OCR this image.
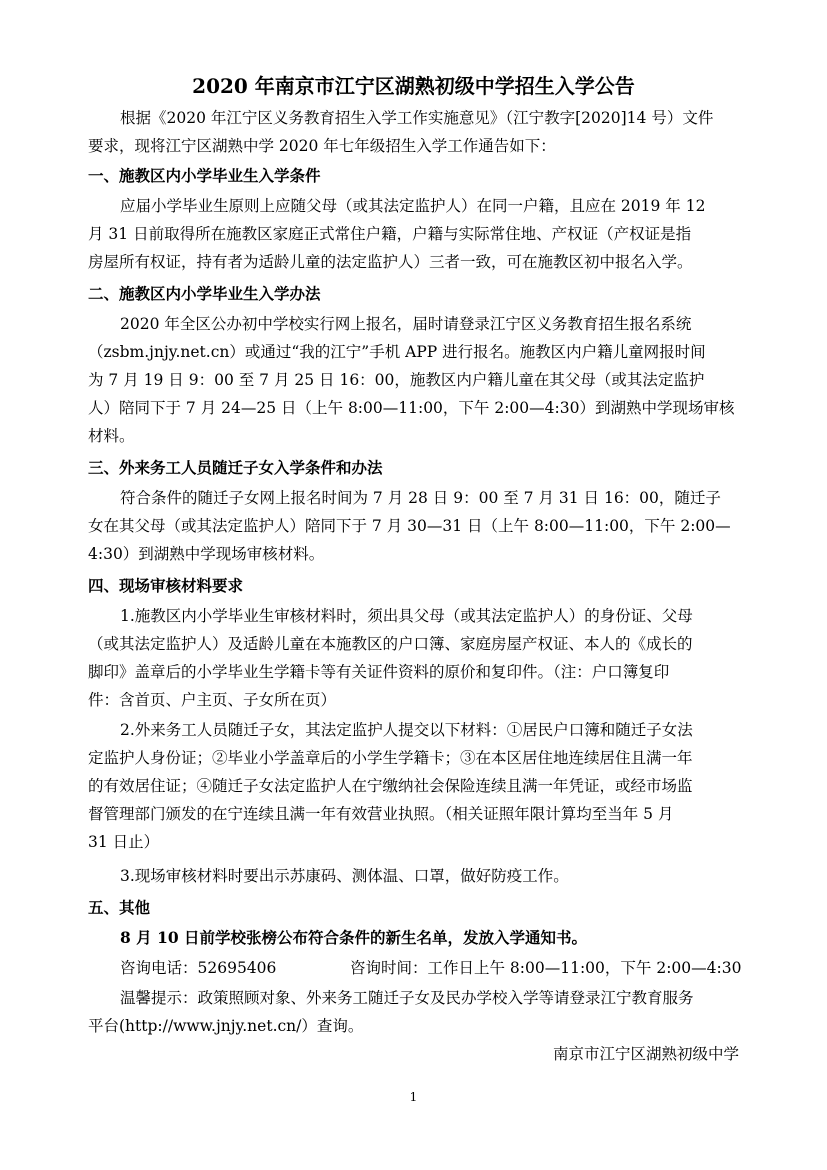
2020 年南京市江宁区湖熟初级中学招生入学公告
根据《2020 年江宁区义务教育招生入学工作实施意见》（江宁教字[2020]14 号）文件
要求，现将江宁区湖熟中学 2020 年七年级招生入学工作通告如下：
一、施教区内小学毕业生入学条件
应届小学毕业生原则上应随父母（或其法定监护人）在同一户籍，且应在 2019 年 12
月 31 日前取得所在施教区家庭正式常住户籍，户籍与实际常住地、产权证（产权证是指
房屋所有权证，持有者为适龄儿童的法定监护人）三者一致，可在施教区初中报名入学。
二、施教区内小学毕业生入学办法
2020 年全区公办初中学校实行网上报名，届时请登录江宁区义务教育招生报名系统
（zsbm.jnjy.net.cn）或通过“我的江宁”手机 APP 进行报名。施教区内户籍儿童网报时间
为 7 月 19 日 9：00 至 7 月 25 日 16：00，施教区内户籍儿童在其父母（或其法定监护
人）陪同下于 7 月 24—25 日（上午 8:00—11:00，下午 2:00—4:30）到湖熟中学现场审核
材料。
三、外来务工人员随迁子女入学条件和办法
符合条件的随迁子女网上报名时间为 7 月 28 日 9：00 至 7 月 31 日 16：00，随迁子
女在其父母（或其法定监护人）陪同下于 7 月 30—31 日（上午 8:00—11:00，下午 2:00—
4:30）到湖熟中学现场审核材料。
四、现场审核材料要求
1.施教区内小学毕业生审核材料时，须出具父母（或其法定监护人）的身份证、父母
（或其法定监护人）及适龄儿童在本施教区的户口簿、家庭房屋产权证、本人的《成长的
脚印》盖章后的小学毕业生学籍卡等有关证件资料的原价和复印件。（注：户口簿复印
件：含首页、户主页、子女所在页）
2.外来务工人员随迁子女，其法定监护人提交以下材料：①居民户口簿和随迁子女法
定监护人身份证；②毕业小学盖章后的小学生学籍卡；③在本区居住地连续居住且满一年
的有效居住证；④随迁子女法定监护人在宁缴纳社会保险连续且满一年凭证，或经市场监
督管理部门颁发的在宁连续且满一年有效营业执照。（相关证照年限计算均至当年 5 月
31 日止）
3.现场审核材料时要出示苏康码、测体温、口罩，做好防疫工作。
五、其他
8 月 10 日前学校张榜公布符合条件的新生名单，发放入学通知书。
咨询电话：52695406	咨询时间：工作日上午 8:00—11:00，下午 2:00—4:30
温馨提示：政策照顾对象、外来务工随迁子女及民办学校入学等请登录江宁教育服务
平台(http://www.jnjy.net.cn/）查询。
南京市江宁区湖熟初级中学
1
